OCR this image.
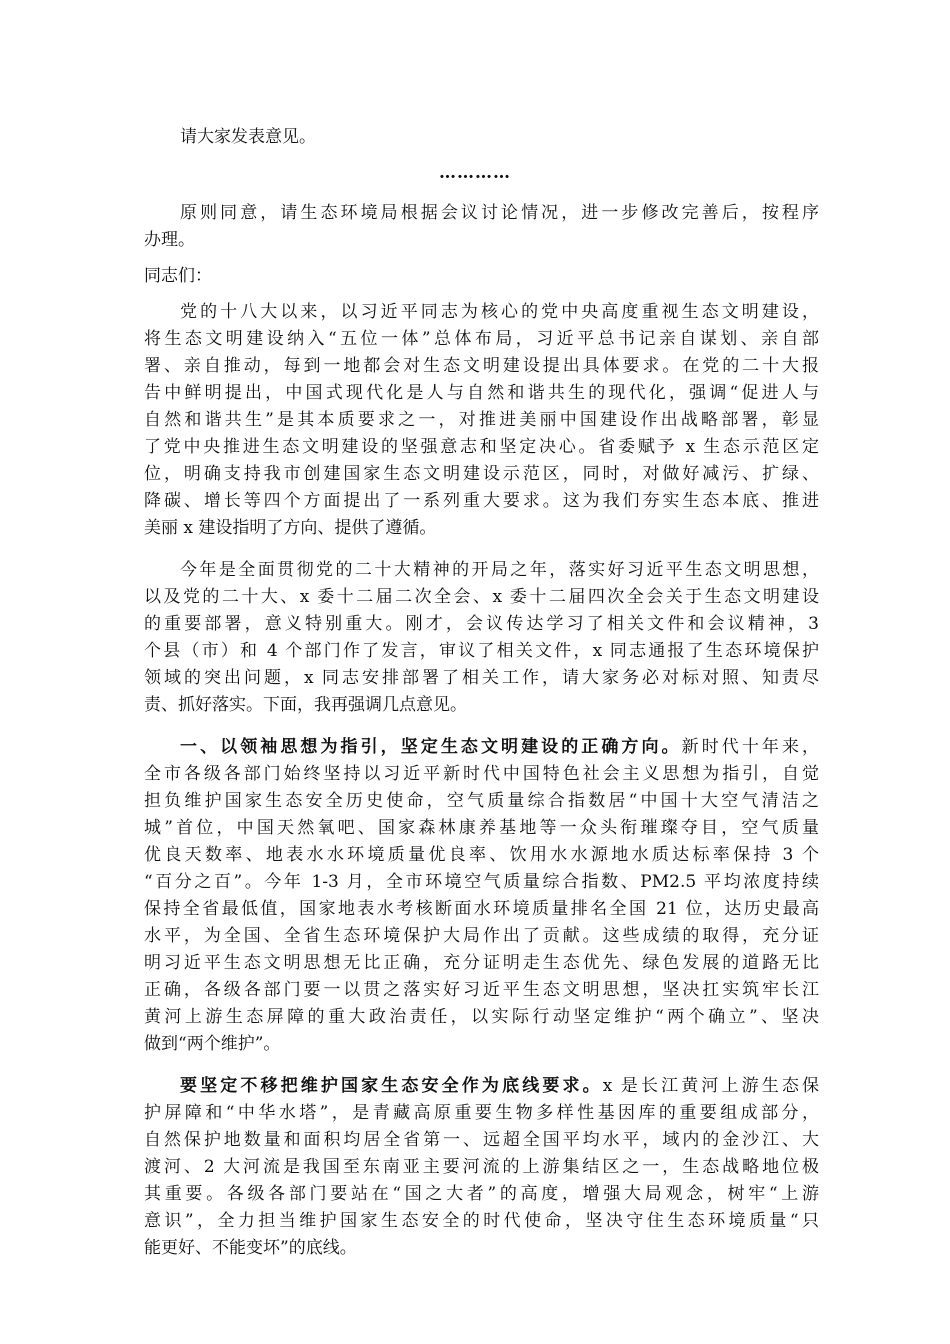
请大家发表意见。
…………
原则同意，请生态环境局根据会议讨论情况，进一步修改完善后，按程序
办理。
同志们：
党的十八大以来，以习近平同志为核心的党中央高度重视生态文明建设，
将生态文明建设纳入“五位一体”总体布局，习近平总书记亲自谋划、亲自部
署、亲自推动，每到一地都会对生态文明建设提出具体要求。在党的二十大报
告中鲜明提出，中国式现代化是人与自然和谐共生的现代化，强调“促进人与
自然和谐共生”是其本质要求之一，对推进美丽中国建设作出战略部署，彰显
了党中央推进生态文明建设的坚强意志和坚定决心。省委赋予 x 生态示范区定
位，明确支持我市创建国家生态文明建设示范区，同时，对做好减污、扩绿、
降碳、增长等四个方面提出了一系列重大要求。这为我们夯实生态本底、推进
美丽 x 建设指明了方向、提供了遵循。
今年是全面贯彻党的二十大精神的开局之年，落实好习近平生态文明思想，
以及党的二十大、x 委十二届二次全会、x 委十二届四次全会关于生态文明建设
的重要部署，意义特别重大。刚才，会议传达学习了相关文件和会议精神，3
个县（市）和 4 个部门作了发言，审议了相关文件，x 同志通报了生态环境保护
领域的突出问题，x 同志安排部署了相关工作，请大家务必对标对照、知责尽
责、抓好落实。下面，我再强调几点意见。
一、以领袖思想为指引，坚定生态文明建设的正确方向。新时代十年来，
全市各级各部门始终坚持以习近平新时代中国特色社会主义思想为指引，自觉
担负维护国家生态安全历史使命，空气质量综合指数居“中国十大空气清洁之
城”首位，中国天然氧吧、国家森林康养基地等一众头衔璀璨夺目，空气质量
优良天数率、地表水水环境质量优良率、饮用水水源地水质达标率保持 3 个
“百分之百”。今年 1-3 月，全市环境空气质量综合指数、PM2.5 平均浓度持续
保持全省最低值，国家地表水考核断面水环境质量排名全国 21 位，达历史最高
水平，为全国、全省生态环境保护大局作出了贡献。这些成绩的取得，充分证
明习近平生态文明思想无比正确，充分证明走生态优先、绿色发展的道路无比
正确，各级各部门要一以贯之落实好习近平生态文明思想，坚决扛实筑牢长江
黄河上游生态屏障的重大政治责任，以实际行动坚定维护“两个确立”、坚决
做到“两个维护”。
要坚定不移把维护国家生态安全作为底线要求。x 是长江黄河上游生态保
护屏障和“中华水塔”，是青藏高原重要生物多样性基因库的重要组成部分，
自然保护地数量和面积均居全省第一、远超全国平均水平，域内的金沙江、大
渡河、2 大河流是我国至东南亚主要河流的上游集结区之一，生态战略地位极
其重要。各级各部门要站在“国之大者”的高度，增强大局观念，树牢“上游
意识”，全力担当维护国家生态安全的时代使命，坚决守住生态环境质量“只
能更好、不能变坏”的底线。
